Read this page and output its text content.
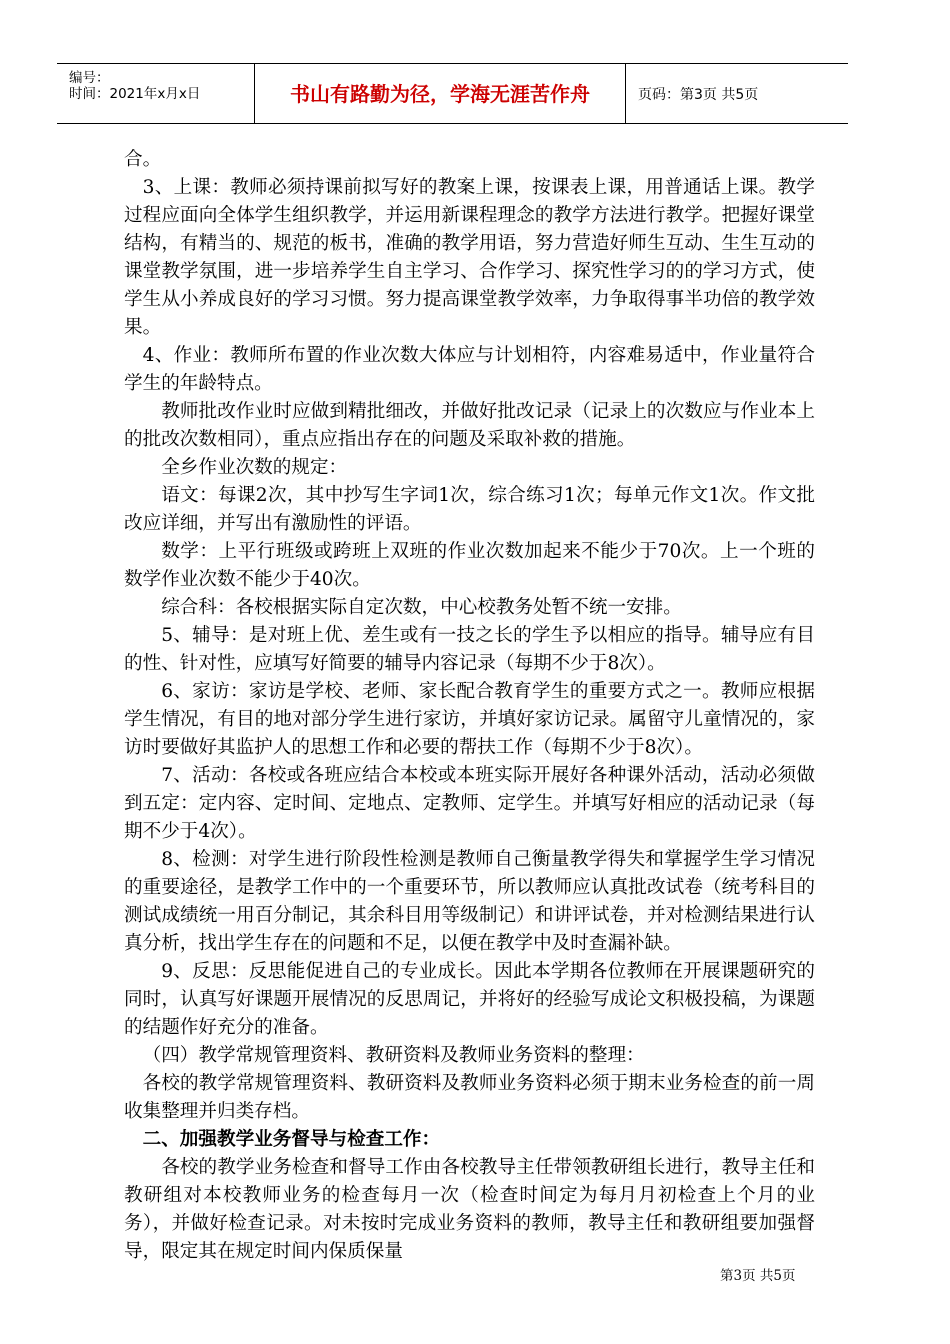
编号：
时间：2021年x月x日	书山有路勤为径，学海无涯苦作舟	页码：第3页 共5页

合。

3、上课：教师必须持课前拟写好的教案上课，按课表上课，用普通话上课。教学过程应面向全体学生组织教学，并运用新课程理念的教学方法进行教学。把握好课堂结构，有精当的、规范的板书，准确的教学用语，努力营造好师生互动、生生互动的课堂教学氛围，进一步培养学生自主学习、合作学习、探究性学习的的学习方式，使学生从小养成良好的学习习惯。努力提高课堂教学效率，力争取得事半功倍的教学效果。

4、作业：教师所布置的作业次数大体应与计划相符，内容难易适中，作业量符合学生的年龄特点。

教师批改作业时应做到精批细改，并做好批改记录（记录上的次数应与作业本上的批改次数相同），重点应指出存在的问题及采取补救的措施。

全乡作业次数的规定：

语文：每课2次，其中抄写生字词1次，综合练习1次；每单元作文1次。作文批改应详细，并写出有激励性的评语。

数学：上平行班级或跨班上双班的作业次数加起来不能少于70次。上一个班的数学作业次数不能少于40次。

综合科：各校根据实际自定次数，中心校教务处暂不统一安排。

5、辅导：是对班上优、差生或有一技之长的学生予以相应的指导。辅导应有目的性、针对性，应填写好简要的辅导内容记录（每期不少于8次）。

6、家访：家访是学校、老师、家长配合教育学生的重要方式之一。教师应根据学生情况，有目的地对部分学生进行家访，并填好家访记录。属留守儿童情况的，家访时要做好其监护人的思想工作和必要的帮扶工作（每期不少于8次）。

7、活动：各校或各班应结合本校或本班实际开展好各种课外活动，活动必须做到五定：定内容、定时间、定地点、定教师、定学生。并填写好相应的活动记录（每期不少于4次）。

8、检测：对学生进行阶段性检测是教师自己衡量教学得失和掌握学生学习情况的重要途径，是教学工作中的一个重要环节，所以教师应认真批改试卷（统考科目的测试成绩统一用百分制记，其余科目用等级制记）和讲评试卷，并对检测结果进行认真分析，找出学生存在的问题和不足，以便在教学中及时查漏补缺。

9、反思：反思能促进自己的专业成长。因此本学期各位教师在开展课题研究的同时，认真写好课题开展情况的反思周记，并将好的经验写成论文积极投稿，为课题的结题作好充分的准备。

（四）教学常规管理资料、教研资料及教师业务资料的整理：

各校的教学常规管理资料、教研资料及教师业务资料必须于期末业务检查的前一周收集整理并归类存档。

二、加强教学业务督导与检查工作：

各校的教学业务检查和督导工作由各校教导主任带领教研组长进行，教导主任和教研组对本校教师业务的检查每月一次（检查时间定为每月月初检查上个月的业务），并做好检查记录。对未按时完成业务资料的教师，教导主任和教研组要加强督导，限定其在规定时间内保质保量

第3页 共5页
